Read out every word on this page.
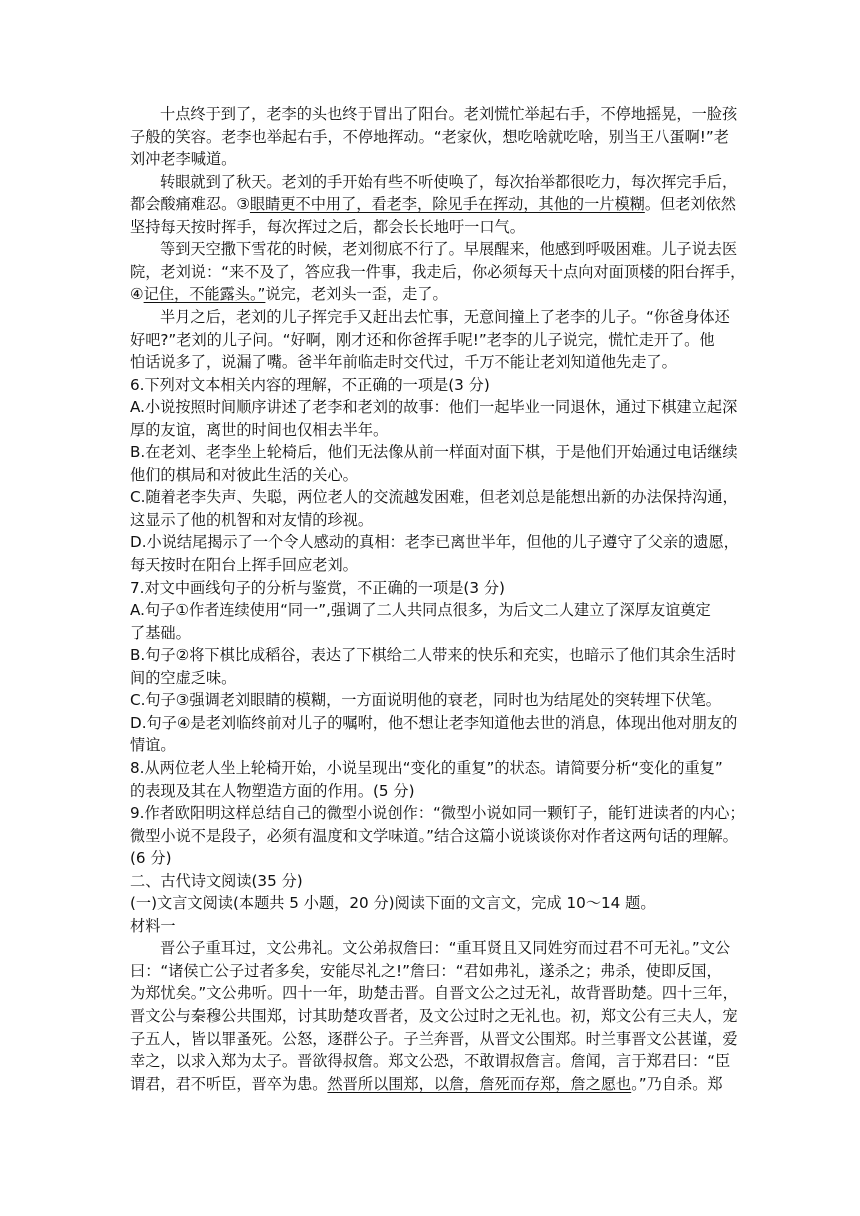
十点终于到了，老李的头也终于冒出了阳台。老刘慌忙举起右手，不停地摇晃，一脸孩
子般的笑容。老李也举起右手，不停地挥动。“老家伙，想吃啥就吃啥，别当王八蛋啊!”老
刘冲老李喊道。
转眼就到了秋天。老刘的手开始有些不听使唤了，每次抬举都很吃力，每次挥完手后，
都会酸痛难忍。③眼睛更不中用了，看老李，除见手在挥动，其他的一片模糊。但老刘依然
坚持每天按时挥手，每次挥过之后，都会长长地吁一口气。
等到天空撒下雪花的时候，老刘彻底不行了。早展醒来，他感到呼吸困难。儿子说去医
院，老刘说：“来不及了，答应我一件事，我走后，你必须每天十点向对面顶楼的阳台挥手，
④记住，不能露头。”说完，老刘头一歪，走了。
半月之后，老刘的儿子挥完手又赶出去忙事，无意间撞上了老李的儿子。“你爸身体还
好吧?”老刘的儿子问。“好啊，刚才还和你爸挥手呢!”老李的儿子说完，慌忙走开了。他
怕话说多了，说漏了嘴。爸半年前临走时交代过，千万不能让老刘知道他先走了。
6.下列对文本相关内容的理解，不正确的一项是(3 分)
A.小说按照时间顺序讲述了老李和老刘的故事：他们一起毕业一同退休，通过下棋建立起深
厚的友谊，离世的时间也仅相去半年。
B.在老刘、老李坐上轮椅后，他们无法像从前一样面对面下棋，于是他们开始通过电话继续
他们的棋局和对彼此生活的关心。
C.随着老李失声、失聪，两位老人的交流越发困难，但老刘总是能想出新的办法保持沟通，
这显示了他的机智和对友情的珍视。
D.小说结尾揭示了一个令人感动的真相：老李已离世半年，但他的儿子遵守了父亲的遗愿，
每天按时在阳台上挥手回应老刘。
7.对文中画线句子的分析与鉴赏，不正确的一项是(3 分)
A.句子①作者连续使用“同一”,强调了二人共同点很多，为后文二人建立了深厚友谊奠定
了基础。
B.句子②将下棋比成稻谷，表达了下棋给二人带来的快乐和充实，也暗示了他们其余生活时
间的空虚乏味。
C.句子③强调老刘眼睛的模糊，一方面说明他的衰老，同时也为结尾处的突转埋下伏笔。
D.句子④是老刘临终前对儿子的嘱咐，他不想让老李知道他去世的消息，体现出他对朋友的
情谊。
8.从两位老人坐上轮椅开始，小说呈现出“变化的重复”的状态。请简要分析“变化的重复”
的表现及其在人物塑造方面的作用。(5 分)
9.作者欧阳明这样总结自己的微型小说创作：“微型小说如同一颗钉子，能钉进读者的内心；
微型小说不是段子，必须有温度和文学味道。”结合这篇小说谈谈你对作者这两句话的理解。
(6 分)
二、古代诗文阅读(35 分)
(一)文言文阅读(本题共 5 小题，20 分)阅读下面的文言文，完成 10～14 题。
材料一
晋公子重耳过，文公弗礼。文公弟叔詹曰：“重耳贤且又同姓穷而过君不可无礼。”文公
曰：“诸侯亡公子过者多矣，安能尽礼之!”詹曰：“君如弗礼，遂杀之；弗杀，使即反国，
为郑忧矣。”文公弗听。四十一年，助楚击晋。自晋文公之过无礼，故背晋助楚。四十三年，
晋文公与秦穆公共围郑，讨其助楚攻晋者，及文公过时之无礼也。初，郑文公有三夫人，宠
子五人，皆以罪蚤死。公怒，逐群公子。子兰奔晋，从晋文公围郑。时兰事晋文公甚谨，爱
幸之，以求入郑为太子。晋欲得叔詹。郑文公恐，不敢谓叔詹言。詹闻，言于郑君曰：“臣
谓君，君不听臣，晋卒为患。然晋所以围郑，以詹，詹死而存郑，詹之愿也。”乃自杀。郑
